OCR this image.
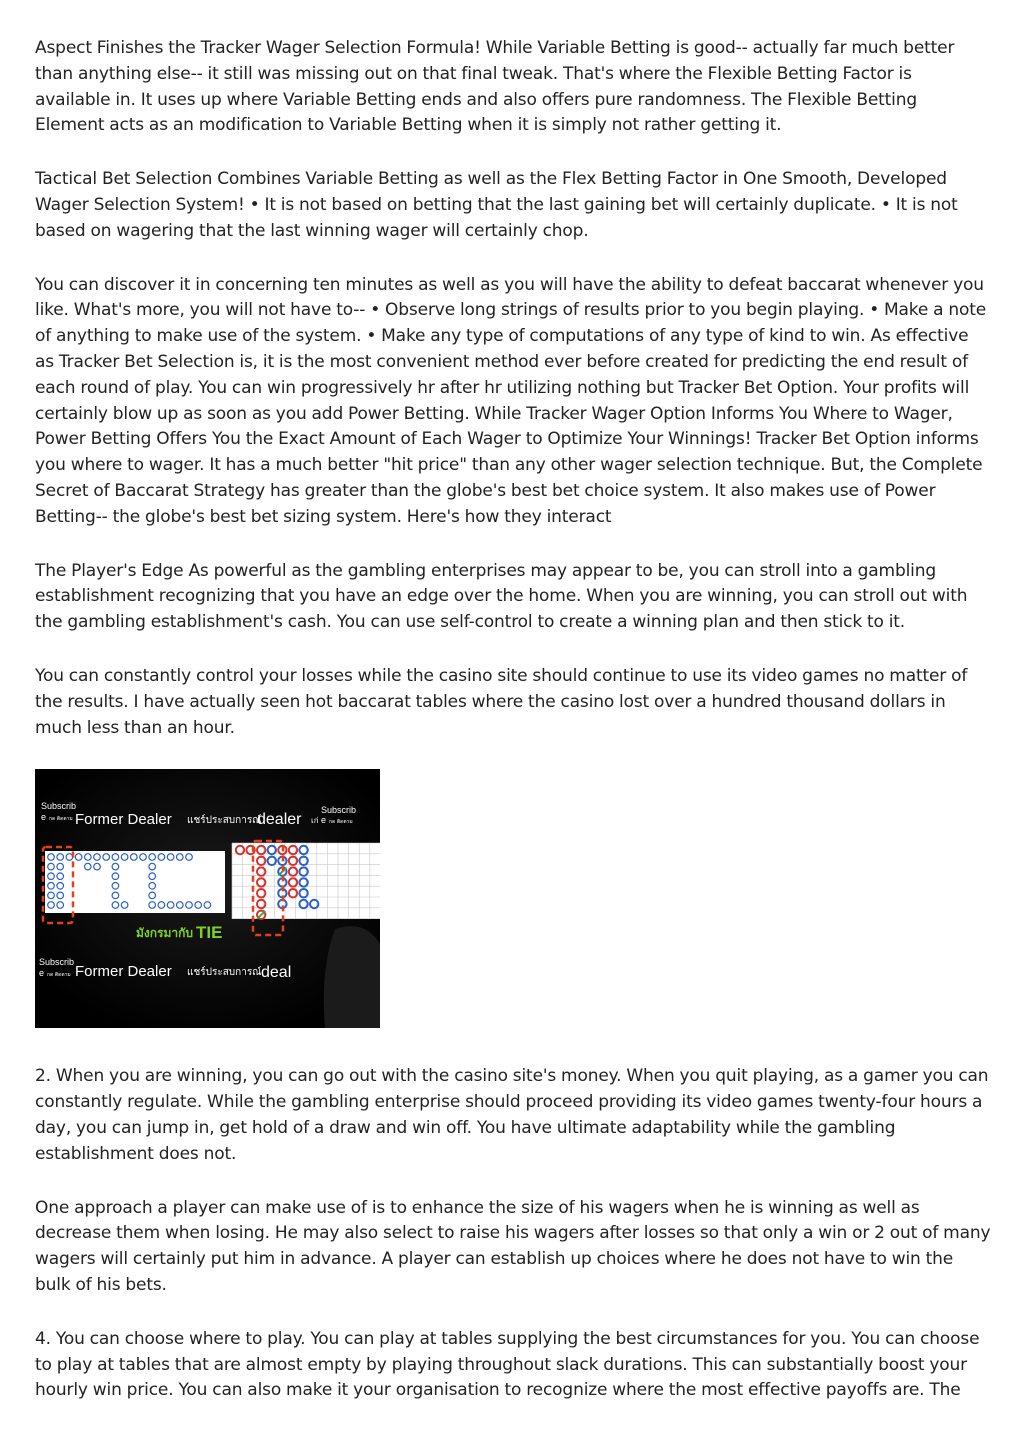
Aspect Finishes the Tracker Wager Selection Formula! While Variable Betting is good-- actually far much better than anything else-- it still was missing out on that final tweak. That's where the Flexible Betting Factor is available in. It uses up where Variable Betting ends and also offers pure randomness. The Flexible Betting Element acts as an modification to Variable Betting when it is simply not rather getting it.

Tactical Bet Selection Combines Variable Betting as well as the Flex Betting Factor in One Smooth, Developed Wager Selection System! • It is not based on betting that the last gaining bet will certainly duplicate. • It is not based on wagering that the last winning wager will certainly chop.

You can discover it in concerning ten minutes as well as you will have the ability to defeat baccarat whenever you like. What's more, you will not have to-- • Observe long strings of results prior to you begin playing. • Make a note of anything to make use of the system. • Make any type of computations of any type of kind to win. As effective as Tracker Bet Selection is, it is the most convenient method ever before created for predicting the end result of each round of play. You can win progressively hr after hr utilizing nothing but Tracker Bet Option. Your profits will certainly blow up as soon as you add Power Betting. While Tracker Wager Option Informs You Where to Wager, Power Betting Offers You the Exact Amount of Each Wager to Optimize Your Winnings! Tracker Bet Option informs you where to wager. It has a much better "hit price" than any other wager selection technique. But, the Complete Secret of Baccarat Strategy has greater than the globe's best bet choice system. It also makes use of Power Betting-- the globe's best bet sizing system. Here's how they interact

The Player's Edge As powerful as the gambling enterprises may appear to be, you can stroll into a gambling establishment recognizing that you have an edge over the home. When you are winning, you can stroll out with the gambling establishment's cash. You can use self-control to create a winning plan and then stick to it.

You can constantly control your losses while the casino site should continue to use its video games no matter of the results. I have actually seen hot baccarat tables where the casino lost over a hundred thousand dollars in much less than an hour.

Subscrib
e กด ติดตาม Former Dealer แชร์ประสบการณ์
dealer เก่
Subscrib
e กด ติดตาม
มังกรมากับ TIE
Subscrib
e กด ติดตาม Former Dealer แชร์ประสบการณ์ deal

2. When you are winning, you can go out with the casino site's money. When you quit playing, as a gamer you can constantly regulate. While the gambling enterprise should proceed providing its video games twenty-four hours a day, you can jump in, get hold of a draw and win off. You have ultimate adaptability while the gambling establishment does not.

One approach a player can make use of is to enhance the size of his wagers when he is winning as well as decrease them when losing. He may also select to raise his wagers after losses so that only a win or 2 out of many wagers will certainly put him in advance. A player can establish up choices where he does not have to win the bulk of his bets.

4. You can choose where to play. You can play at tables supplying the best circumstances for you. You can choose to play at tables that are almost empty by playing throughout slack durations. This can substantially boost your hourly win price. You can also make it your organisation to recognize where the most effective payoffs are. The
